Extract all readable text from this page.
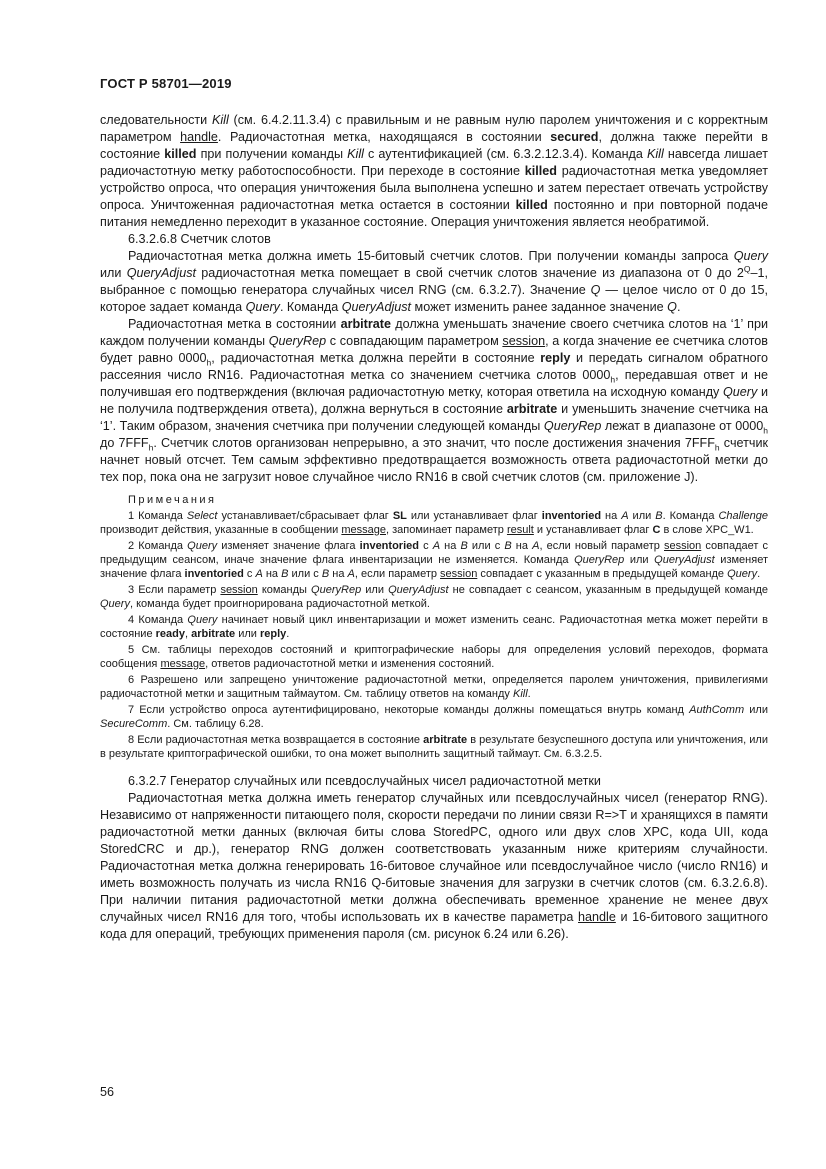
ГОСТ Р 58701—2019

следовательности Kill (см. 6.4.2.11.3.4) с правильным и не равным нулю паролем уничтожения и с корректным параметром handle. Радиочастотная метка, находящаяся в состоянии secured, должна также перейти в состояние killed при получении команды Kill с аутентификацией (см. 6.3.2.12.3.4). Команда Kill навсегда лишает радиочастотную метку работоспособности. При переходе в состояние killed радиочастотная метка уведомляет устройство опроса, что операция уничтожения была выполнена успешно и затем перестает отвечать устройству опроса. Уничтоженная радиочастотная метка остается в состоянии killed постоянно и при повторной подаче питания немедленно переходит в указанное состояние. Операция уничтожения является необратимой.

6.3.2.6.8 Счетчик слотов

Радиочастотная метка должна иметь 15-битовый счетчик слотов. При получении команды запроса Query или QueryAdjust радиочастотная метка помещает в свой счетчик слотов значение из диапазона от 0 до $2^Q-1$, выбранное с помощью генератора случайных чисел RNG (см. 6.3.2.7). Значение Q — целое число от 0 до 15, которое задает команда Query. Команда QueryAdjust может изменить ранее заданное значение Q.

Радиочастотная метка в состоянии arbitrate должна уменьшать значение своего счетчика слотов на ‘1’ при каждом получении команды QueryRep с совпадающим параметром session, а когда значение ее счетчика слотов будет равно $0000_h$, радиочастотная метка должна перейти в состояние reply и передать сигналом обратного рассеяния число RN16. Радиочастотная метка со значением счетчика слотов $0000_h$, передавшая ответ и не получившая его подтверждения (включая радиочастотную метку, которая ответила на исходную команду Query и не получила подтверждения ответа), должна вернуться в состояние arbitrate и уменьшить значение счетчика на ‘1’. Таким образом, значения счетчика при получении следующей команды QueryRep лежат в диапазоне от $0000_h$ до $7FFF_h$. Счетчик слотов организован непрерывно, а это значит, что после достижения значения $7FFF_h$ счетчик начнет новый отсчет. Тем самым эффективно предотвращается возможность ответа радиочастотной метки до тех пор, пока она не загрузит новое случайное число RN16 в свой счетчик слотов (см. приложение J).

Примечания

1 Команда Select устанавливает/сбрасывает флаг SL или устанавливает флаг inventoried на A или B. Команда Challenge производит действия, указанные в сообщении message, запоминает параметр result и устанавливает флаг C в слове XPC_W1.

2 Команда Query изменяет значение флага inventoried с A на B или с B на A, если новый параметр session совпадает с предыдущим сеансом, иначе значение флага инвентаризации не изменяется. Команда QueryRep или QueryAdjust изменяет значение флага inventoried с A на B или с B на A, если параметр session совпадает с указанным в предыдущей команде Query.

3 Если параметр session команды QueryRep или QueryAdjust не совпадает с сеансом, указанным в предыдущей команде Query, команда будет проигнорирована радиочастотной меткой.

4 Команда Query начинает новый цикл инвентаризации и может изменить сеанс. Радиочастотная метка может перейти в состояние ready, arbitrate или reply.

5 См. таблицы переходов состояний и криптографические наборы для определения условий переходов, формата сообщения message, ответов радиочастотной метки и изменения состояний.

6 Разрешено или запрещено уничтожение радиочастотной метки, определяется паролем уничтожения, привилегиями радиочастотной метки и защитным таймаутом. См. таблицу ответов на команду Kill.

7 Если устройство опроса аутентифицировано, некоторые команды должны помещаться внутрь команд AuthComm или SecureComm. См. таблицу 6.28.

8 Если радиочастотная метка возвращается в состояние arbitrate в результате безуспешного доступа или уничтожения, или в результате криптографической ошибки, то она может выполнить защитный таймаут. См. 6.3.2.5.

6.3.2.7 Генератор случайных или псевдослучайных чисел радиочастотной метки

Радиочастотная метка должна иметь генератор случайных или псевдослучайных чисел (генератор RNG). Независимо от напряженности питающего поля, скорости передачи по линии связи R=>T и хранящихся в памяти радиочастотной метки данных (включая биты слова StoredPC, одного или двух слов XPC, кода UII, кода StoredCRC и др.), генератор RNG должен соответствовать указанным ниже критериям случайности. Радиочастотная метка должна генерировать 16-битовое случайное или псевдослучайное число (число RN16) и иметь возможность получать из числа RN16 Q-битовые значения для загрузки в счетчик слотов (см. 6.3.2.6.8). При наличии питания радиочастотной метки должна обеспечивать временное хранение не менее двух случайных чисел RN16 для того, чтобы использовать их в качестве параметра handle и 16-битового защитного кода для операций, требующих применения пароля (см. рисунок 6.24 или 6.26).

56
